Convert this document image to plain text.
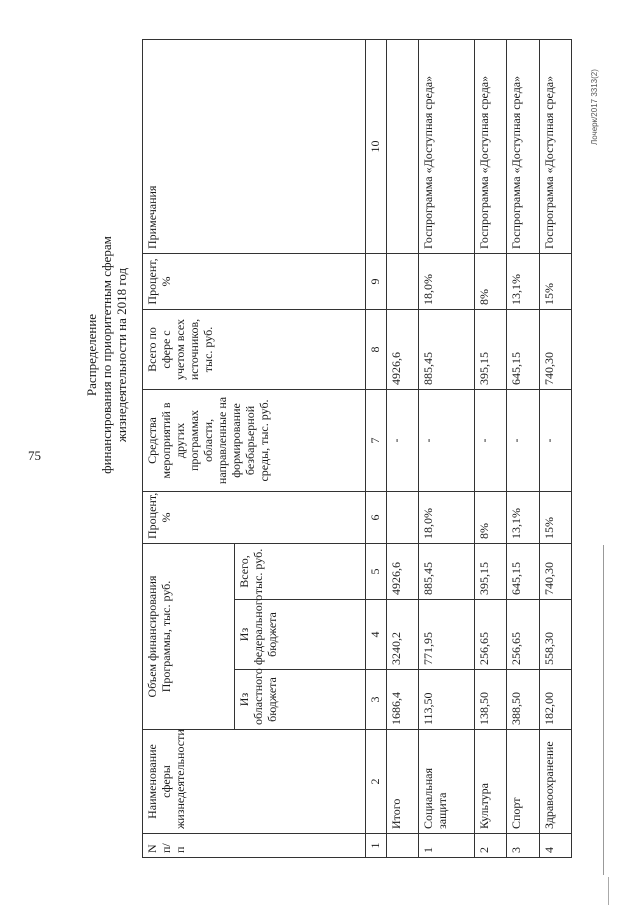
75
Распределение финансирования по приоритетным сферам жизнедеятельности на 2018 год
N п/п	Наименование сферы жизнедеятельности	Объем финансирования Программы, тыс. руб.			Процент, %	Средства мероприятий в других программах области, направленные на формирование безбарьерной среды, тыс. руб.	Всего по сфере с учетом всех источников, тыс. руб.	Процент, %	Примечания
		Из областного бюджета	Из федерального бюджета	Всего, тыс. руб.					
1	2	3	4	5	6	7	8	9	10
	Итого	1686,4	3240,2	4926,6		-	4926,6		
1	Социальная защита	113,50	771,95	885,45	18,0%	-	885,45	18,0%	Госпрограмма «Доступная среда»
2	Культура	138,50	256,65	395,15	8%	-	395,15	8%	Госпрограмма «Доступная среда»
3	Спорт	388,50	256,65	645,15	13,1%	-	645,15	13,1%	Госпрограмма «Доступная среда»
4	Здравоохранение	182,00	558,30	740,30	15%	-	740,30	15%	Госпрограмма «Доступная среда»	Лочерк/2017 3313(2)
